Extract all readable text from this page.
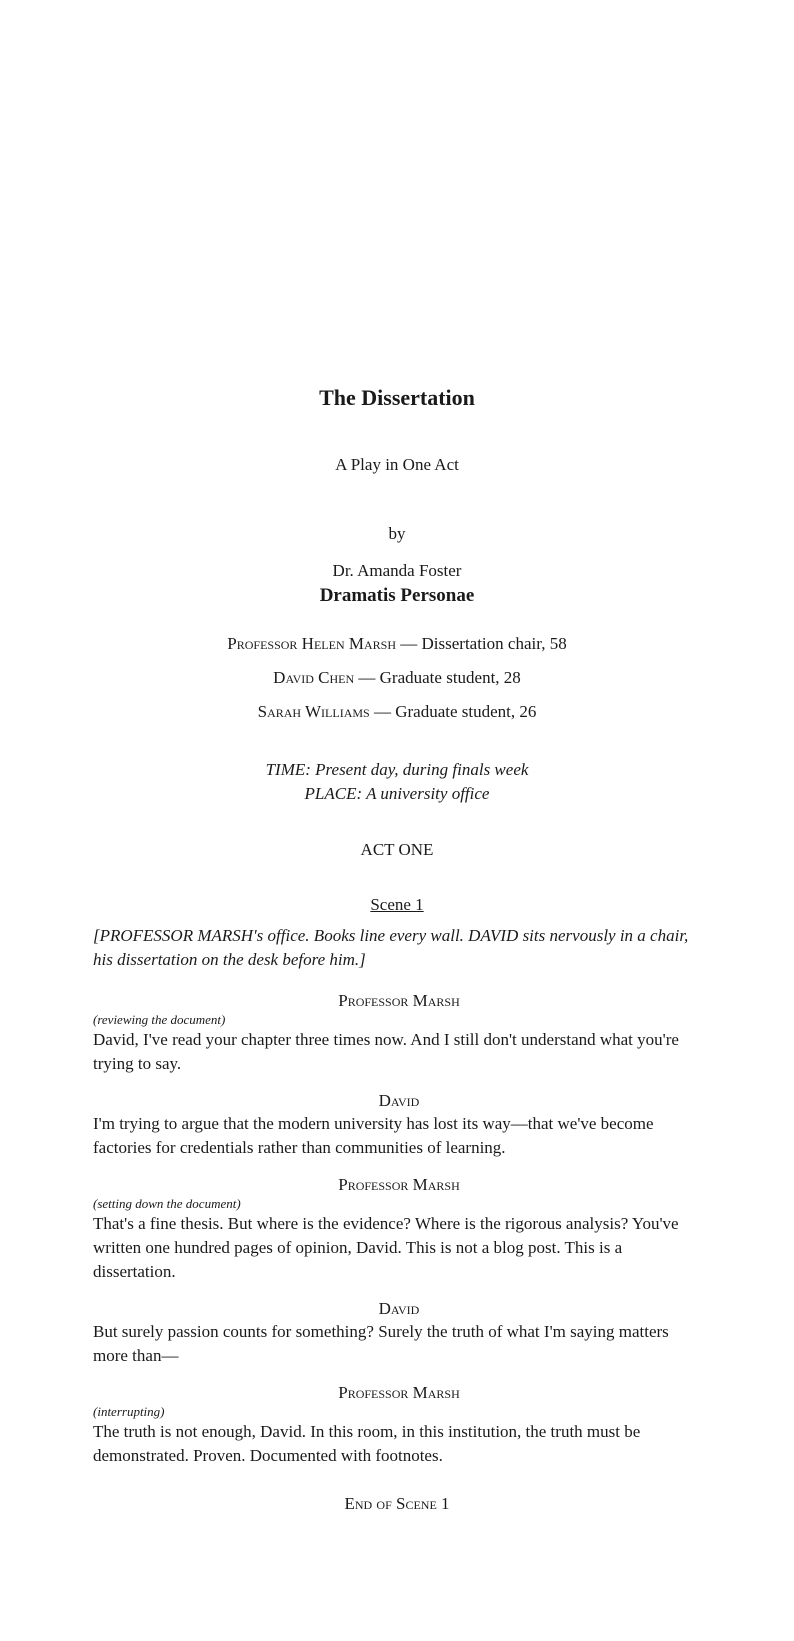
The Dissertation
A Play in One Act
by
Dr. Amanda Foster
Dramatis Personae
Professor Helen Marsh — Dissertation chair, 58
David Chen — Graduate student, 28
Sarah Williams — Graduate student, 26
TIME: Present day, during finals week
PLACE: A university office
ACT ONE
Scene 1

[PROFESSOR MARSH's office. Books line every wall. DAVID sits nervously in a chair, his dissertation on the desk before him.]

Professor Marsh
(reviewing the document)
David, I've read your chapter three times now. And I still don't understand what you're trying to say.
David
I'm trying to argue that the modern university has lost its way—that we've become factories for credentials rather than communities of learning.
Professor Marsh
(setting down the document)
That's a fine thesis. But where is the evidence? Where is the rigorous analysis? You've written one hundred pages of opinion, David. This is not a blog post. This is a dissertation.
David
But surely passion counts for something? Surely the truth of what I'm saying matters more than—
Professor Marsh
(interrupting)
The truth is not enough, David. In this room, in this institution, the truth must be demonstrated. Proven. Documented with footnotes.
End of Scene 1
